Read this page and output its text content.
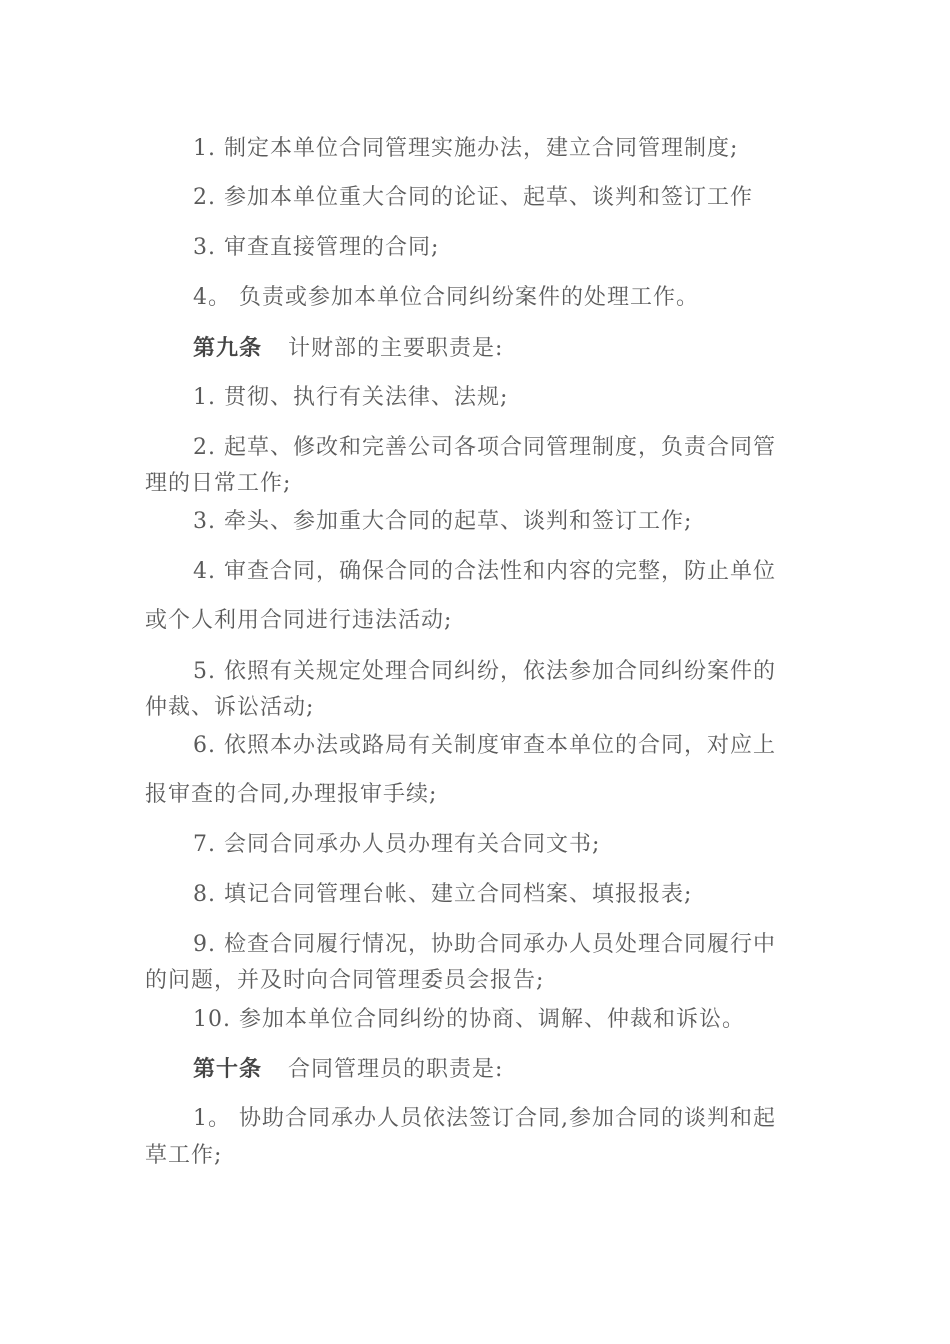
1. 制定本单位合同管理实施办法，建立合同管理制度;
2. 参加本单位重大合同的论证、起草、谈判和签订工作
3. 审查直接管理的合同;
4。 负责或参加本单位合同纠纷案件的处理工作。
第九条 计财部的主要职责是:
1. 贯彻、执行有关法律、法规;
2. 起草、修改和完善公司各项合同管理制度，负责合同管
理的日常工作;
3. 牵头、参加重大合同的起草、谈判和签订工作;
4. 审查合同，确保合同的合法性和内容的完整，防止单位
或个人利用合同进行违法活动;
5. 依照有关规定处理合同纠纷，依法参加合同纠纷案件的
仲裁、诉讼活动;
6. 依照本办法或路局有关制度审查本单位的合同，对应上
报审查的合同,办理报审手续;
7. 会同合同承办人员办理有关合同文书;
8. 填记合同管理台帐、建立合同档案、填报报表;
9. 检查合同履行情况，协助合同承办人员处理合同履行中
的问题，并及时向合同管理委员会报告;
10. 参加本单位合同纠纷的协商、调解、仲裁和诉讼。
第十条 合同管理员的职责是:
1。 协助合同承办人员依法签订合同,参加合同的谈判和起
草工作;
